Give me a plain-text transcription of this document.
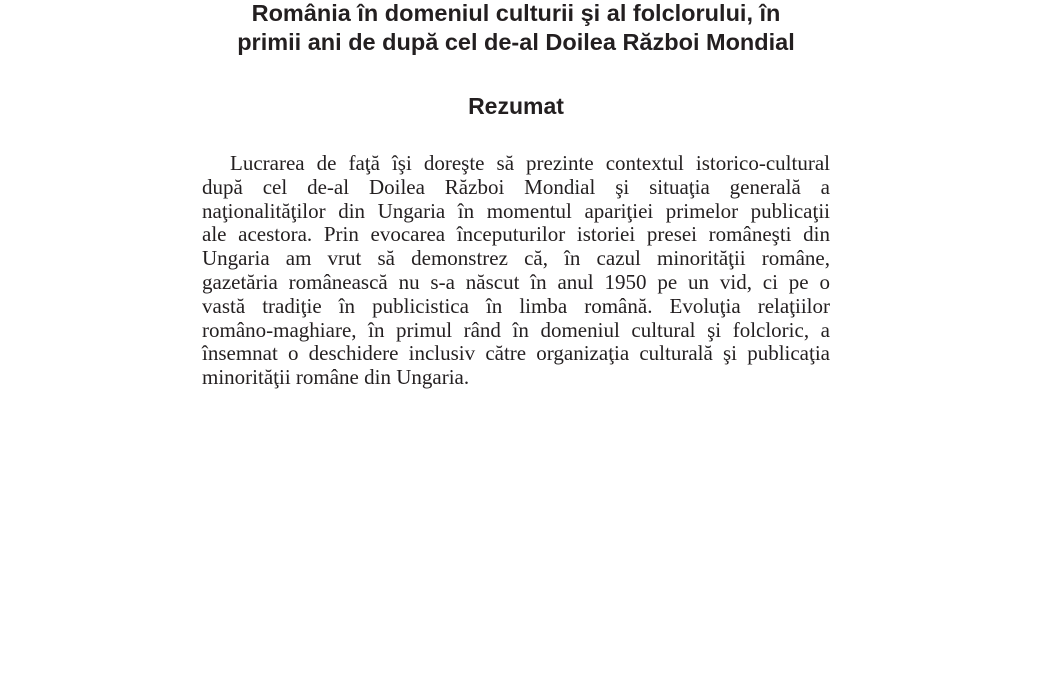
România în domeniul culturii şi al folclorului, în
primii ani de după cel de-al Doilea Război Mondial
Rezumat
Lucrarea de faţă îşi doreşte să prezinte contextul istorico-cultural
după cel de-al Doilea Război Mondial şi situaţia generală a
naţionalităţilor din Ungaria în momentul apariţiei primelor publicaţii
ale acestora. Prin evocarea începuturilor istoriei presei româneşti din
Ungaria am vrut să demonstrez că, în cazul minorităţii române,
gazetăria românească nu s-a născut în anul 1950 pe un vid, ci pe o
vastă tradiţie în publicistica în limba română. Evoluţia relaţiilor
româno-maghiare, în primul rând în domeniul cultural şi folcloric, a
însemnat o deschidere inclusiv către organizaţia culturală şi publicaţia
minorităţii române din Ungaria.
